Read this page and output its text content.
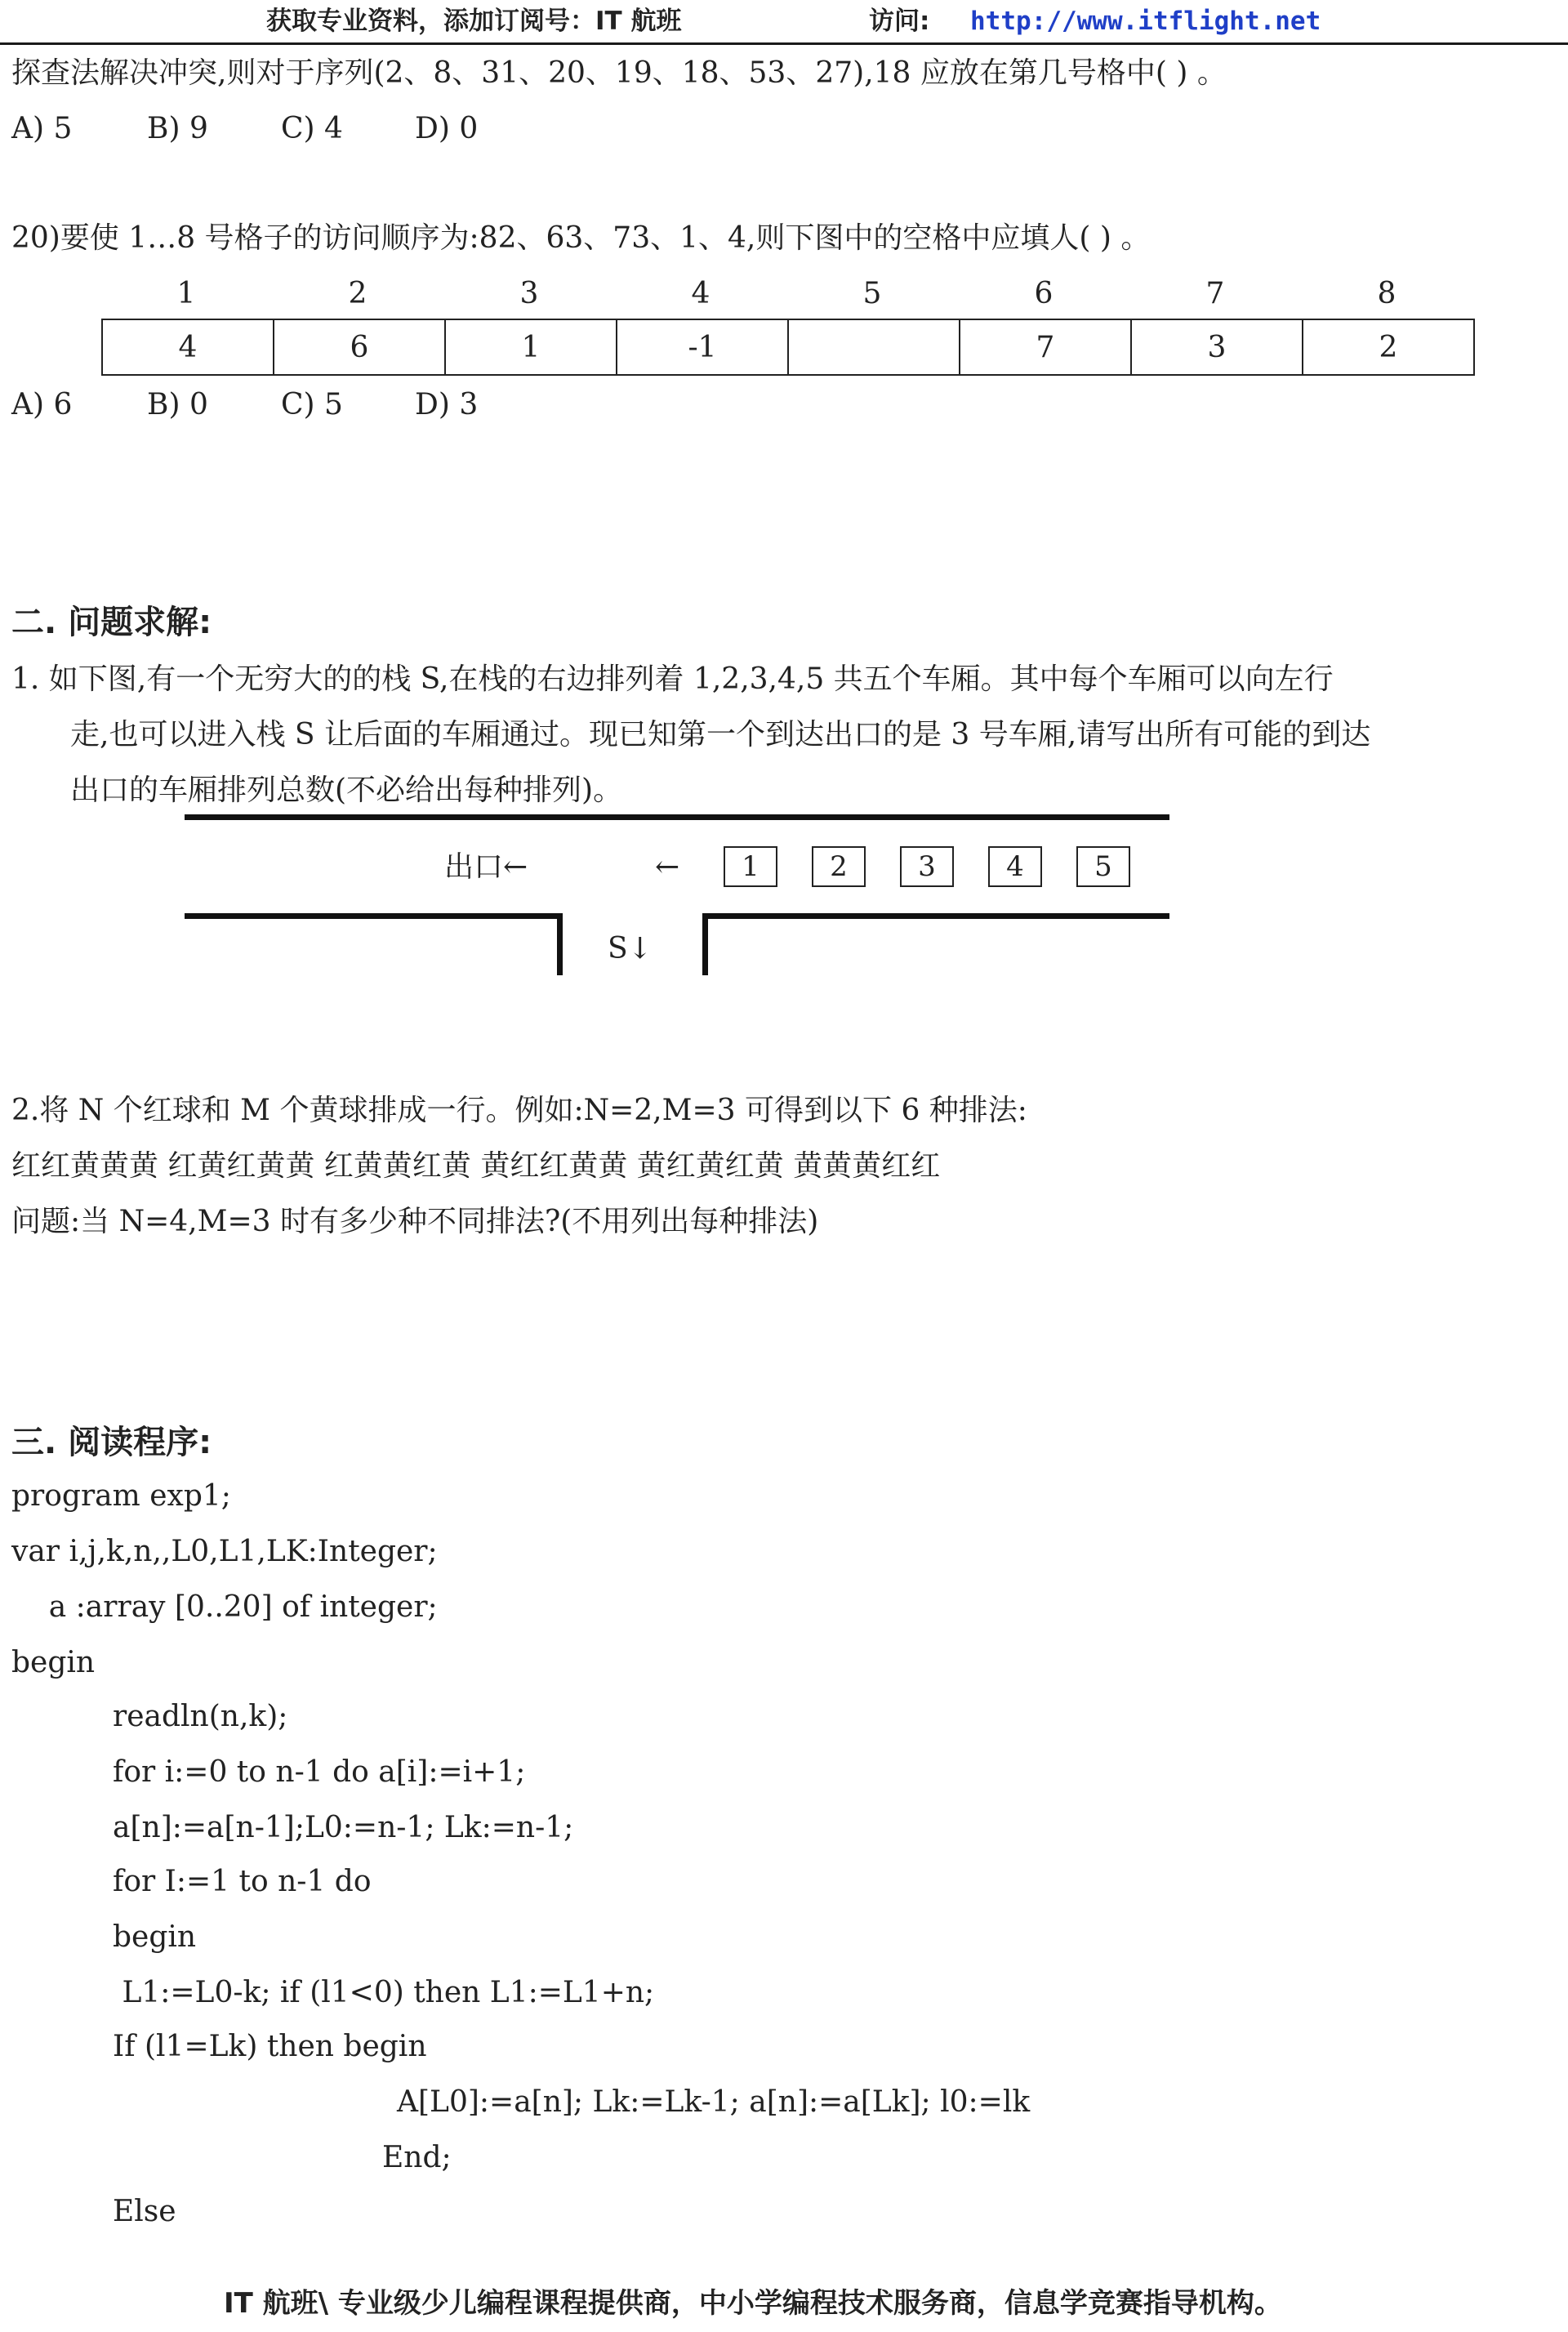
获取专业资料，添加订阅号：IT 航班	访问: http://www.itflight.net
探查法解决冲突,则对于序列(2、8、31、20、19、18、53、27),18 应放在第几号格中( ) 。
A) 5	B) 9 C) 4 D) 0
20)要使 1…8 号格子的访问顺序为:82、63、73、1、4,则下图中的空格中应填人( ) 。
1	2	3	4	5	6	7	8
4	6	1	-1		7	3	2
A) 6	B) 0 C) 5 D) 3
二. 问题求解:
1. 如下图,有一个无穷大的的栈 S,在栈的右边排列着 1,2,3,4,5 共五个车厢。其中每个车厢可以向左行
走,也可以进入栈 S 让后面的车厢通过。现已知第一个到达出口的是 3 号车厢,请写出所有可能的到达
出口的车厢排列总数(不必给出每种排列)。
出口←	←	1	2	3	4	5
S↓
2.将 N 个红球和 M 个黄球排成一行。例如:N=2,M=3 可得到以下 6 种排法:
红红黄黄黄 红黄红黄黄 红黄黄红黄 黄红红黄黄 黄红黄红黄 黄黄黄红红
问题:当 N=4,M=3 时有多少种不同排法?(不用列出每种排法)
三. 阅读程序:
program exp1;
var i,j,k,n,,L0,L1,LK:Integer;
a :array [0..20] of integer;
begin
readln(n,k);
for i:=0 to n-1 do a[i]:=i+1;
a[n]:=a[n-1];L0:=n-1; Lk:=n-1;
for I:=1 to n-1 do
begin
L1:=L0-k; if (l1<0) then L1:=L1+n;
If (l1=Lk) then begin
A[L0]:=a[n]; Lk:=Lk-1; a[n]:=a[Lk]; l0:=lk
End;
Else
IT 航班\ 专业级少儿编程课程提供商，中小学编程技术服务商，信息学竞赛指导机构。
